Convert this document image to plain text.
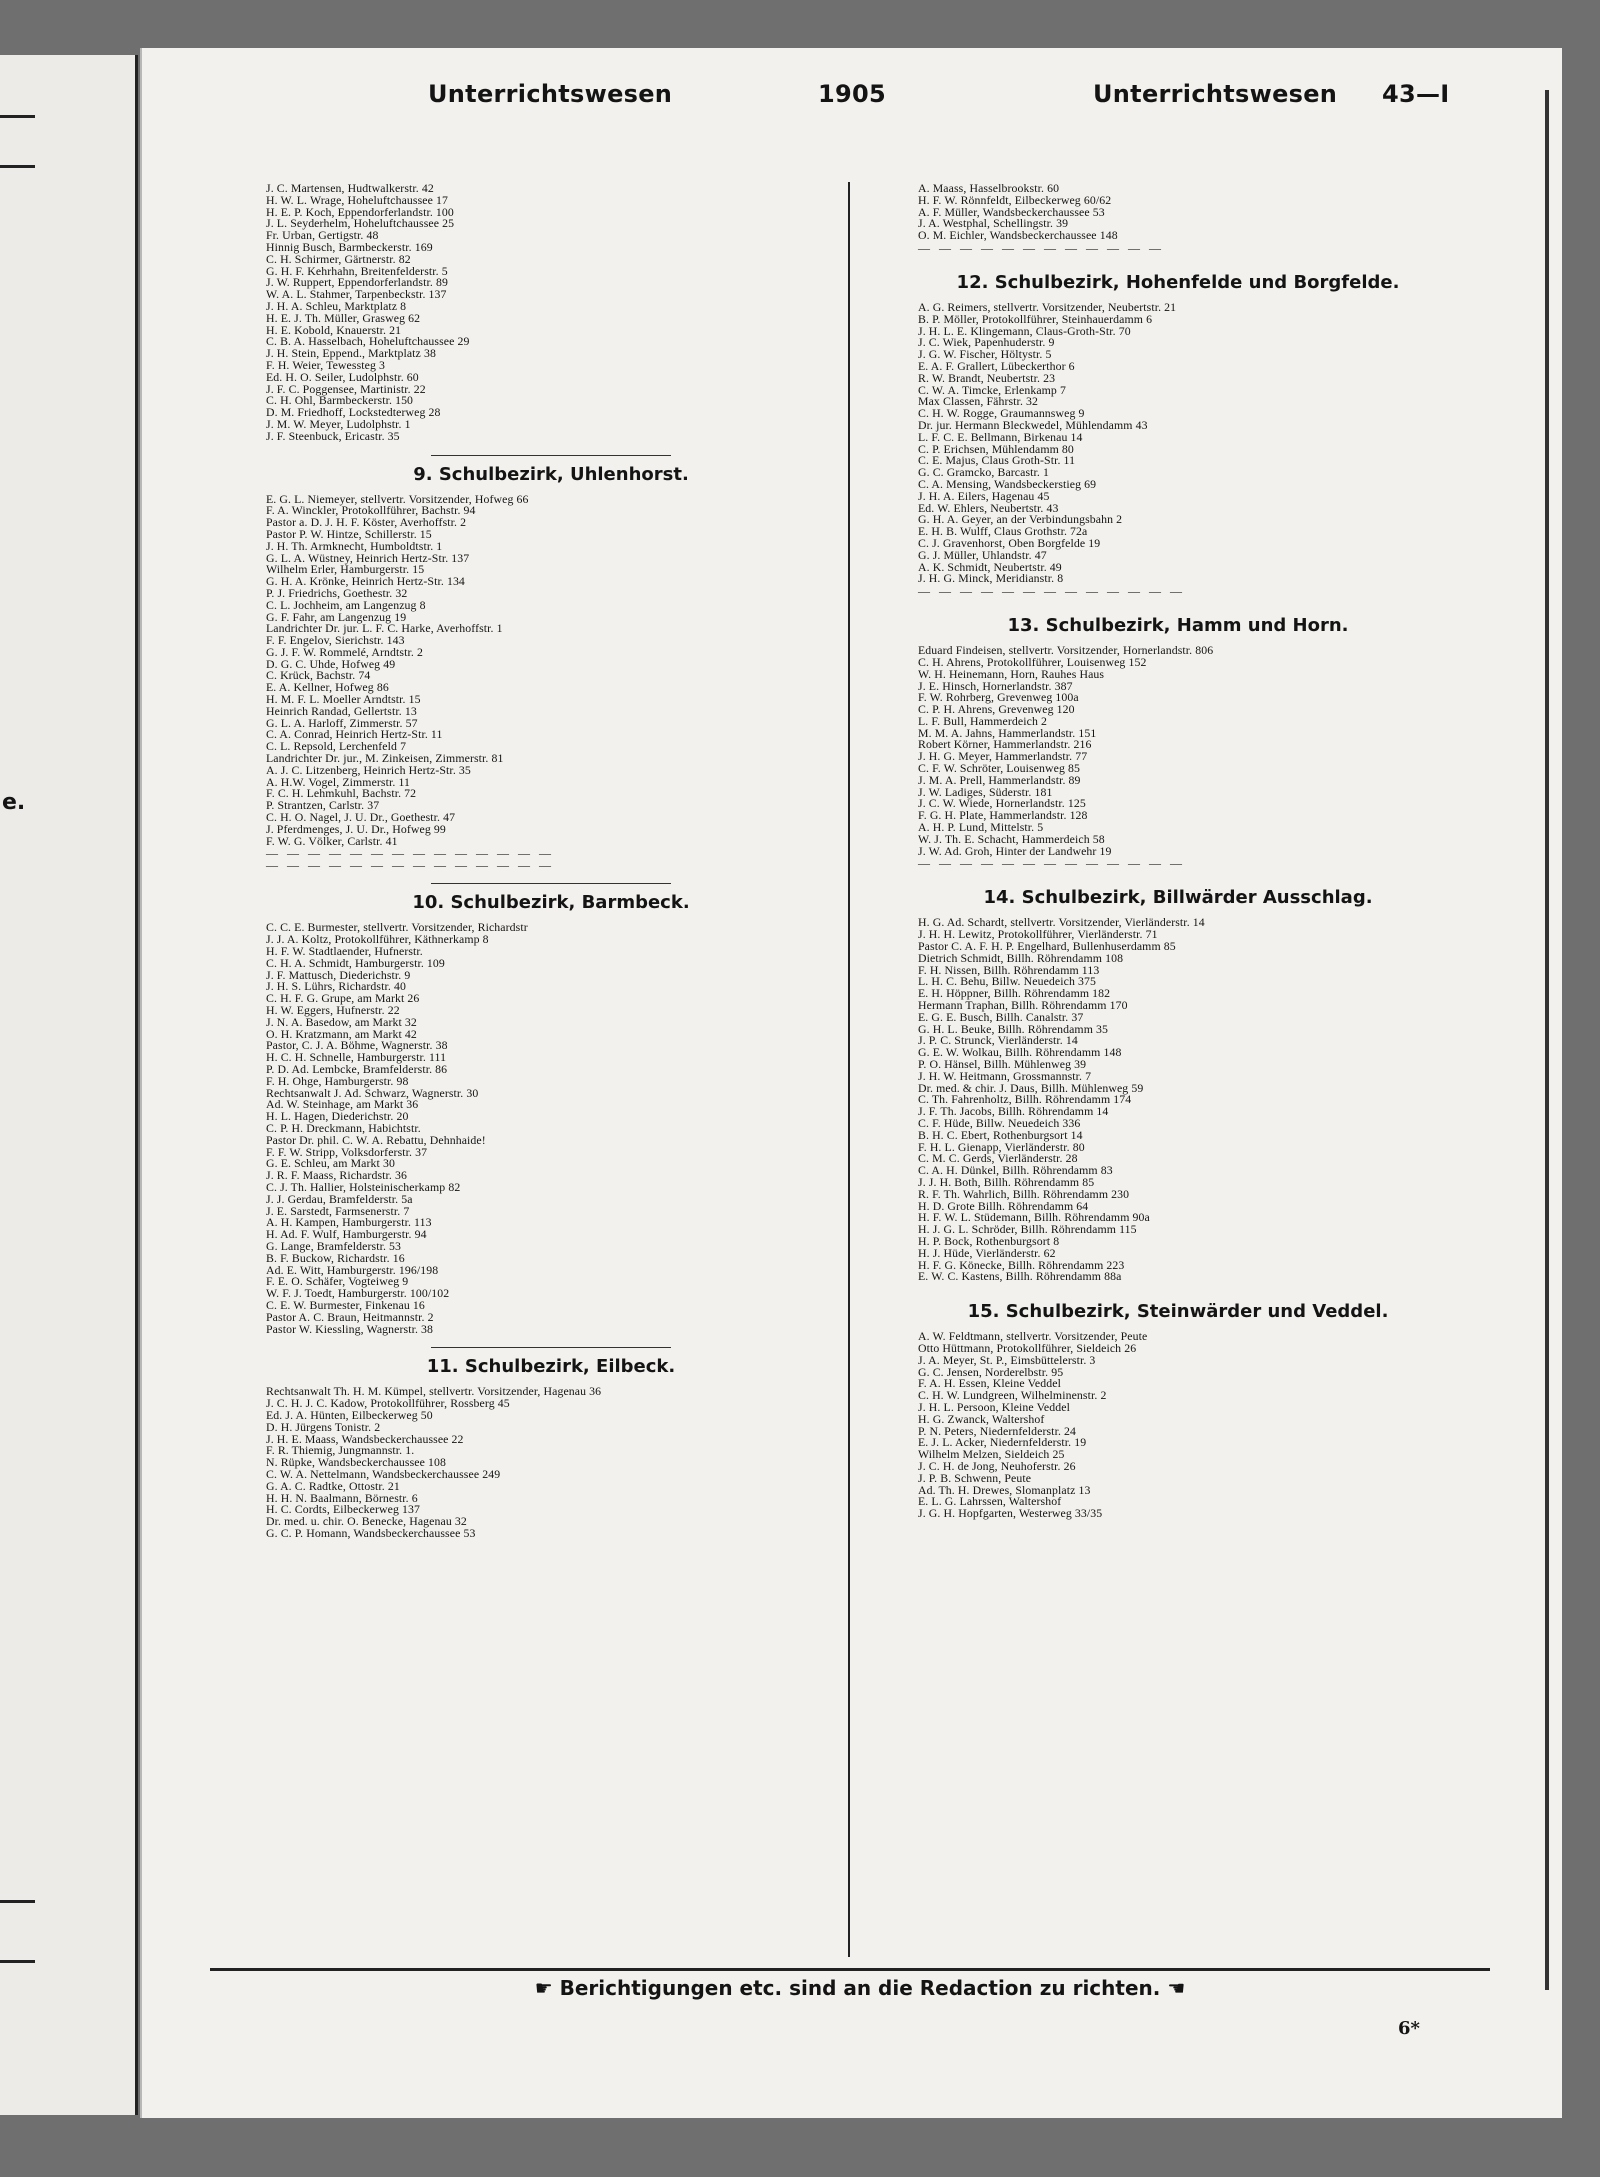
e.
Unterrichtswesen	1905	Unterrichtswesen 43—I
J. C. Martensen, Hudtwalkerstr. 42
H. W. L. Wrage, Hoheluftchaussee 17
H. E. P. Koch, Eppendorferlandstr. 100
J. L. Seyderhelm, Hoheluftchaussee 25
Fr. Urban, Gertigstr. 48
Hinnig Busch, Barmbeckerstr. 169
C. H. Schirmer, Gärtnerstr. 82
G. H. F. Kehrhahn, Breitenfelderstr. 5
J. W. Ruppert, Eppendorferlandstr. 89
W. A. L. Stahmer, Tarpenbeckstr. 137
J. H. A. Schleu, Marktplatz 8
H. E. J. Th. Müller, Grasweg 62
H. E. Kobold, Knauerstr. 21
C. B. A. Hasselbach, Hoheluftchaussee 29
J. H. Stein, Eppend., Marktplatz 38
F. H. Weier, Tewessteg 3
Ed. H. O. Seiler, Ludolphstr. 60
J. F. C. Poggensee, Martinistr. 22
C. H. Ohl, Barmbeckerstr. 150
D. M. Friedhoff, Lockstedterweg 28
J. M. W. Meyer, Ludolphstr. 1
J. F. Steenbuck, Ericastr. 35
9. Schulbezirk, Uhlenhorst.
E. G. L. Niemeyer, stellvertr. Vorsitzender, Hofweg 66
F. A. Winckler, Protokollführer, Bachstr. 94
Pastor a. D. J. H. F. Köster, Averhoffstr. 2
Pastor P. W. Hintze, Schillerstr. 15
J. H. Th. Armknecht, Humboldtstr. 1
G. L. A. Wüstney, Heinrich Hertz-Str. 137
Wilhelm Erler, Hamburgerstr. 15
G. H. A. Krönke, Heinrich Hertz-Str. 134
P. J. Friedrichs, Goethestr. 32
C. L. Jochheim, am Langenzug 8
G. F. Fahr, am Langenzug 19
Landrichter Dr. jur. L. F. C. Harke, Averhoffstr. 1
F. F. Engelov, Sierichstr. 143
G. J. F. W. Rommelé, Arndtstr. 2
D. G. C. Uhde, Hofweg 49
C. Krück, Bachstr. 74
E. A. Kellner, Hofweg 86
H. M. F. L. Moeller Arndtstr. 15
Heinrich Randad, Gellertstr. 13
G. L. A. Harloff, Zimmerstr. 57
C. A. Conrad, Heinrich Hertz-Str. 11
C. L. Repsold, Lerchenfeld 7
Landrichter Dr. jur., M. Zinkeisen, Zimmerstr. 81
A. J. C. Litzenberg, Heinrich Hertz-Str. 35
A. H.W. Vogel, Zimmerstr. 11
F. C. H. Lehmkuhl, Bachstr. 72
P. Strantzen, Carlstr. 37
C. H. O. Nagel, J. U. Dr., Goethestr. 47
J. Pferdmenges, J. U. Dr., Hofweg 99
F. W. G. Völker, Carlstr. 41
— — — — — — — — — — — — — —
— — — — — — — — — — — — — —
10. Schulbezirk, Barmbeck.
C. C. E. Burmester, stellvertr. Vorsitzender, Richardstr
J. J. A. Koltz, Protokollführer, Käthnerkamp 8
H. F. W. Stadtlaender, Hufnerstr.
C. H. A. Schmidt, Hamburgerstr. 109
J. F. Mattusch, Diederichstr. 9
J. H. S. Lührs, Richardstr. 40
C. H. F. G. Grupe, am Markt 26
H. W. Eggers, Hufnerstr. 22
J. N. A. Basedow, am Markt 32
O. H. Kratzmann, am Markt 42
Pastor, C. J. A. Böhme, Wagnerstr. 38
H. C. H. Schnelle, Hamburgerstr. 111
P. D. Ad. Lembcke, Bramfelderstr. 86
F. H. Ohge, Hamburgerstr. 98
Rechtsanwalt J. Ad. Schwarz, Wagnerstr. 30
Ad. W. Steinhage, am Markt 36
H. L. Hagen, Diederichstr. 20
C. P. H. Dreckmann, Habichtstr.
Pastor Dr. phil. C. W. A. Rebattu, Dehnhaide!
F. F. W. Stripp, Volksdorferstr. 37
G. E. Schleu, am Markt 30
J. R. F. Maass, Richardstr. 36
C. J. Th. Hallier, Holsteinischerkamp 82
J. J. Gerdau, Bramfelderstr. 5a
J. E. Sarstedt, Farmsenerstr. 7
A. H. Kampen, Hamburgerstr. 113
H. Ad. F. Wulf, Hamburgerstr. 94
G. Lange, Bramfelderstr. 53
B. F. Buckow, Richardstr. 16
Ad. E. Witt, Hamburgerstr. 196/198
F. E. O. Schäfer, Vogteiweg 9
W. F. J. Toedt, Hamburgerstr. 100/102
C. E. W. Burmester, Finkenau 16
Pastor A. C. Braun, Heitmannstr. 2
Pastor W. Kiessling, Wagnerstr. 38
11. Schulbezirk, Eilbeck.
Rechtsanwalt Th. H. M. Kümpel, stellvertr. Vorsitzender, Hagenau 36
J. C. H. J. C. Kadow, Protokollführer, Rossberg 45
Ed. J. A. Hünten, Eilbeckerweg 50
D. H. Jürgens Tonistr. 2
J. H. E. Maass, Wandsbeckerchaussee 22
F. R. Thiemig, Jungmannstr. 1.
N. Rüpke, Wandsbeckerchaussee 108
C. W. A. Nettelmann, Wandsbeckerchaussee 249
G. A. C. Radtke, Ottostr. 21
H. H. N. Baalmann, Börnestr. 6
H. C. Cordts, Eilbeckerweg 137
Dr. med. u. chir. O. Benecke, Hagenau 32
G. C. P. Homann, Wandsbeckerchaussee 53
A. Maass, Hasselbrookstr. 60
H. F. W. Rönnfeldt, Eilbeckerweg 60/62
A. F. Müller, Wandsbeckerchaussee 53
J. A. Westphal, Schellingstr. 39
O. M. Eichler, Wandsbeckerchaussee 148
— — — — — — — — — — — —
12. Schulbezirk, Hohenfelde und Borgfelde.
A. G. Reimers, stellvertr. Vorsitzender, Neubertstr. 21
B. P. Möller, Protokollführer, Steinhauerdamm 6
J. H. L. E. Klingemann, Claus-Groth-Str. 70
J. C. Wiek, Papenhuderstr. 9
J. G. W. Fischer, Höltystr. 5
E. A. F. Grallert, Lübeckerthor 6
R. W. Brandt, Neubertstr. 23
C. W. A. Timcke, Erlenkamp 7
Max Classen, Fährstr. 32
C. H. W. Rogge, Graumannsweg 9
Dr. jur. Hermann Bleckwedel, Mühlendamm 43
L. F. C. E. Bellmann, Birkenau 14
C. P. Erichsen, Mühlendamm 80
C. E. Majus, Claus Groth-Str. 11
G. C. Gramcko, Barcastr. 1
C. A. Mensing, Wandsbeckerstieg 69
J. H. A. Eilers, Hagenau 45
Ed. W. Ehlers, Neubertstr. 43
G. H. A. Geyer, an der Verbindungsbahn 2
E. H. B. Wulff, Claus Grothstr. 72a
C. J. Gravenhorst, Oben Borgfelde 19
G. J. Müller, Uhlandstr. 47
A. K. Schmidt, Neubertstr. 49
J. H. G. Minck, Meridianstr. 8
— — — — — — — — — — — — —
13. Schulbezirk, Hamm und Horn.
Eduard Findeisen, stellvertr. Vorsitzender, Hornerlandstr. 806
C. H. Ahrens, Protokollführer, Louisenweg 152
W. H. Heinemann, Horn, Rauhes Haus
J. E. Hinsch, Hornerlandstr. 387
F. W. Rohrberg, Grevenweg 100a
C. P. H. Ahrens, Grevenweg 120
L. F. Bull, Hammerdeich 2
M. M. A. Jahns, Hammerlandstr. 151
Robert Körner, Hammerlandstr. 216
J. H. G. Meyer, Hammerlandstr. 77
C. F. W. Schröter, Louisenweg 85
J. M. A. Prell, Hammerlandstr. 89
J. W. Ladiges, Süderstr. 181
J. C. W. Wiede, Hornerlandstr. 125
F. G. H. Plate, Hammerlandstr. 128
A. H. P. Lund, Mittelstr. 5
W. J. Th. E. Schacht, Hammerdeich 58
J. W. Ad. Groh, Hinter der Landwehr 19
— — — — — — — — — — — — —
14. Schulbezirk, Billwärder Ausschlag.
H. G. Ad. Schardt, stellvertr. Vorsitzender, Vierländerstr. 14
J. H. H. Lewitz, Protokollführer, Vierländerstr. 71
Pastor C. A. F. H. P. Engelhard, Bullenhuserdamm 85
Dietrich Schmidt, Billh. Röhrendamm 108
F. H. Nissen, Billh. Röhrendamm 113
L. H. C. Behu, Billw. Neuedeich 375
E. H. Höppner, Billh. Röhrendamm 182
Hermann Traphan, Billh. Röhrendamm 170
E. G. E. Busch, Billh. Canalstr. 37
G. H. L. Beuke, Billh. Röhrendamm 35
J. P. C. Strunck, Vierländerstr. 14
G. E. W. Wolkau, Billh. Röhrendamm 148
P. O. Hänsel, Billh. Mühlenweg 39
J. H. W. Heitmann, Grossmannstr. 7
Dr. med. & chir. J. Daus, Billh. Mühlenweg 59
C. Th. Fahrenholtz, Billh. Röhrendamm 174
J. F. Th. Jacobs, Billh. Röhrendamm 14
C. F. Hüde, Billw. Neuedeich 336
B. H. C. Ebert, Rothenburgsort 14
F. H. L. Gienapp, Vierländerstr. 80
C. M. C. Gerds, Vierländerstr. 28
C. A. H. Dünkel, Billh. Röhrendamm 83
J. J. H. Both, Billh. Röhrendamm 85
R. F. Th. Wahrlich, Billh. Röhrendamm 230
H. D. Grote Billh. Röhrendamm 64
H. F. W. L. Stüdemann, Billh. Röhrendamm 90a
H. J. G. L. Schröder, Billh. Röhrendamm 115
H. P. Bock, Rothenburgsort 8
H. J. Hüde, Vierländerstr. 62
H. F. G. Könecke, Billh. Röhrendamm 223
E. W. C. Kastens, Billh. Röhrendamm 88a
15. Schulbezirk, Steinwärder und Veddel.
A. W. Feldtmann, stellvertr. Vorsitzender, Peute
Otto Hüttmann, Protokollführer, Sieldeich 26
J. A. Meyer, St. P., Eimsbüttelerstr. 3
G. C. Jensen, Norderelbstr. 95
F. A. H. Essen, Kleine Veddel
C. H. W. Lundgreen, Wilhelminenstr. 2
J. H. L. Persoon, Kleine Veddel
H. G. Zwanck, Waltershof
P. N. Peters, Niedernfelderstr. 24
E. J. L. Acker, Niedernfelderstr. 19
Wilhelm Melzen, Sieldeich 25
J. C. H. de Jong, Neuhoferstr. 26
J. P. B. Schwenn, Peute
Ad. Th. H. Drewes, Slomanplatz 13
E. L. G. Lahrssen, Waltershof
J. G. H. Hopfgarten, Westerweg 33/35
☛ Berichtigungen etc. sind an die Redaction zu richten. ☚
6*
